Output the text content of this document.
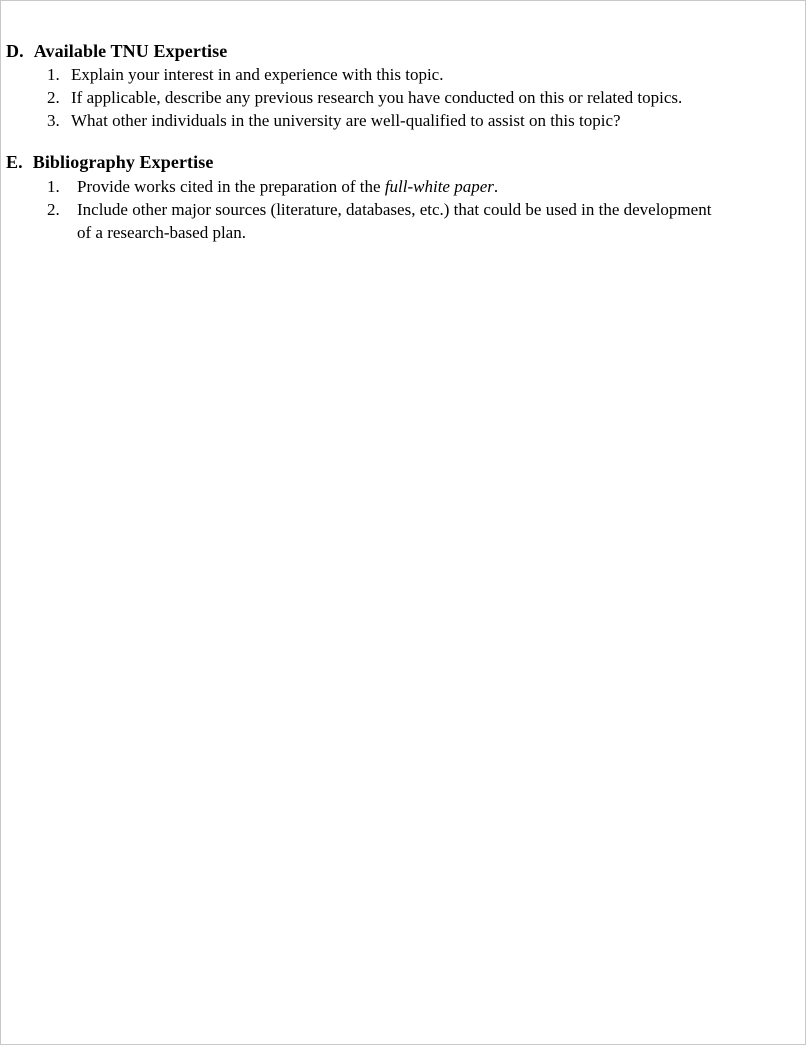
D. Available TNU Expertise
1. Explain your interest in and experience with this topic.
2. If applicable, describe any previous research you have conducted on this or related topics.
3. What other individuals in the university are well-qualified to assist on this topic?
E. Bibliography Expertise
1. Provide works cited in the preparation of the full-white paper.
2. Include other major sources (literature, databases, etc.) that could be used in the development
of a research-based plan.
